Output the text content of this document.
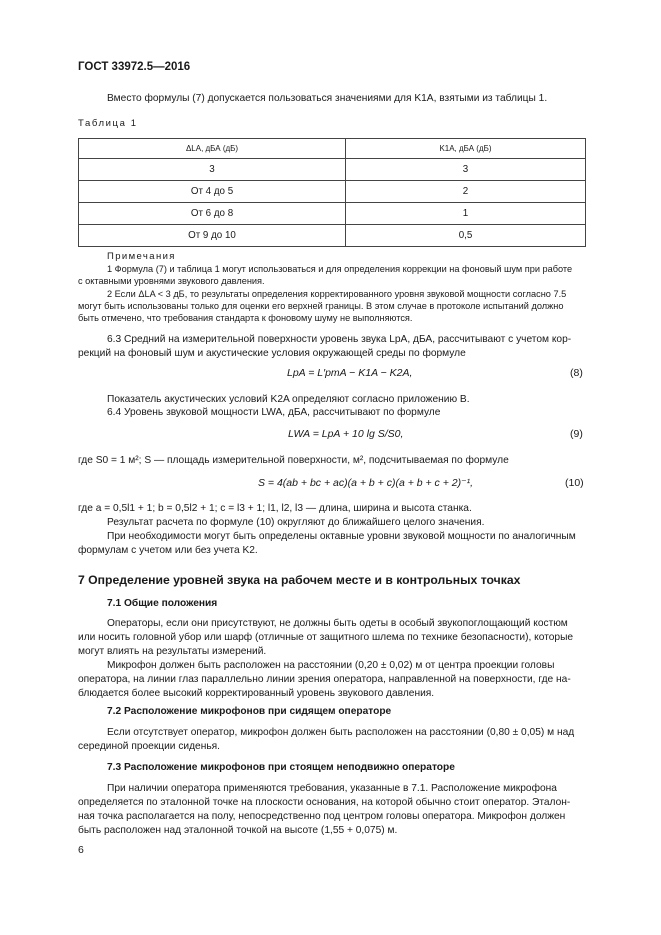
ГОСТ 33972.5—2016
Вместо формулы (7) допускается пользоваться значениями для K1A, взятыми из таблицы 1.
Таблица 1
ΔLA, дБА (дБ)	K1A, дБА (дБ)
3	3
От 4 до 5	2
От 6 до 8	1
От 9 до 10	0,5
Примечания
1 Формула (7) и таблица 1 могут использоваться и для определения коррекции на фоновый шум при работе
с октавными уровнями звукового давления.
2 Если ΔLA < 3 дБ, то результаты определения корректированного уровня звуковой мощности согласно 7.5
могут быть использованы только для оценки его верхней границы. В этом случае в протоколе испытаний должно
быть отмечено, что требования стандарта к фоновому шуму не выполняются.
6.3 Средний на измерительной поверхности уровень звука LpA, дБА, рассчитывают с учетом кор-
рекций на фоновый шум и акустические условия окружающей среды по формуле
LpA = L′pmA − K1A − K2A,	(8)
Показатель акустических условий K2A определяют согласно приложению В.
6.4 Уровень звуковой мощности LWA, дБА, рассчитывают по формуле
LWA = LpA + 10 lg S/S0,	(9)
где S0 = 1 м²; S — площадь измерительной поверхности, м², подсчитываемая по формуле
S = 4(ab + bc + ac)(a + b + c)(a + b + c + 2)⁻¹,	(10)
где a = 0,5l1 + 1; b = 0,5l2 + 1; c = l3 + 1; l1, l2, l3 — длина, ширина и высота станка.
Результат расчета по формуле (10) округляют до ближайшего целого значения.
При необходимости могут быть определены октавные уровни звуковой мощности по аналогичным
формулам с учетом или без учета K2.
7 Определение уровней звука на рабочем месте и в контрольных точках
7.1 Общие положения
Операторы, если они присутствуют, не должны быть одеты в особый звукопоглощающий костюм
или носить головной убор или шарф (отличные от защитного шлема по технике безопасности), которые
могут влиять на результаты измерений.
Микрофон должен быть расположен на расстоянии (0,20 ± 0,02) м от центра проекции головы
оператора, на линии глаз параллельно линии зрения оператора, направленной на поверхности, где на-
блюдается более высокий корректированный уровень звукового давления.
7.2 Расположение микрофонов при сидящем операторе
Если отсутствует оператор, микрофон должен быть расположен на расстоянии (0,80 ± 0,05) м над
серединой проекции сиденья.
7.3 Расположение микрофонов при стоящем неподвижно операторе
При наличии оператора применяются требования, указанные в 7.1. Расположение микрофона
определяется по эталонной точке на плоскости основания, на которой обычно стоит оператор. Эталон-
ная точка располагается на полу, непосредственно под центром головы оператора. Микрофон должен
быть расположен над эталонной точкой на высоте (1,55 + 0,075) м.
6
